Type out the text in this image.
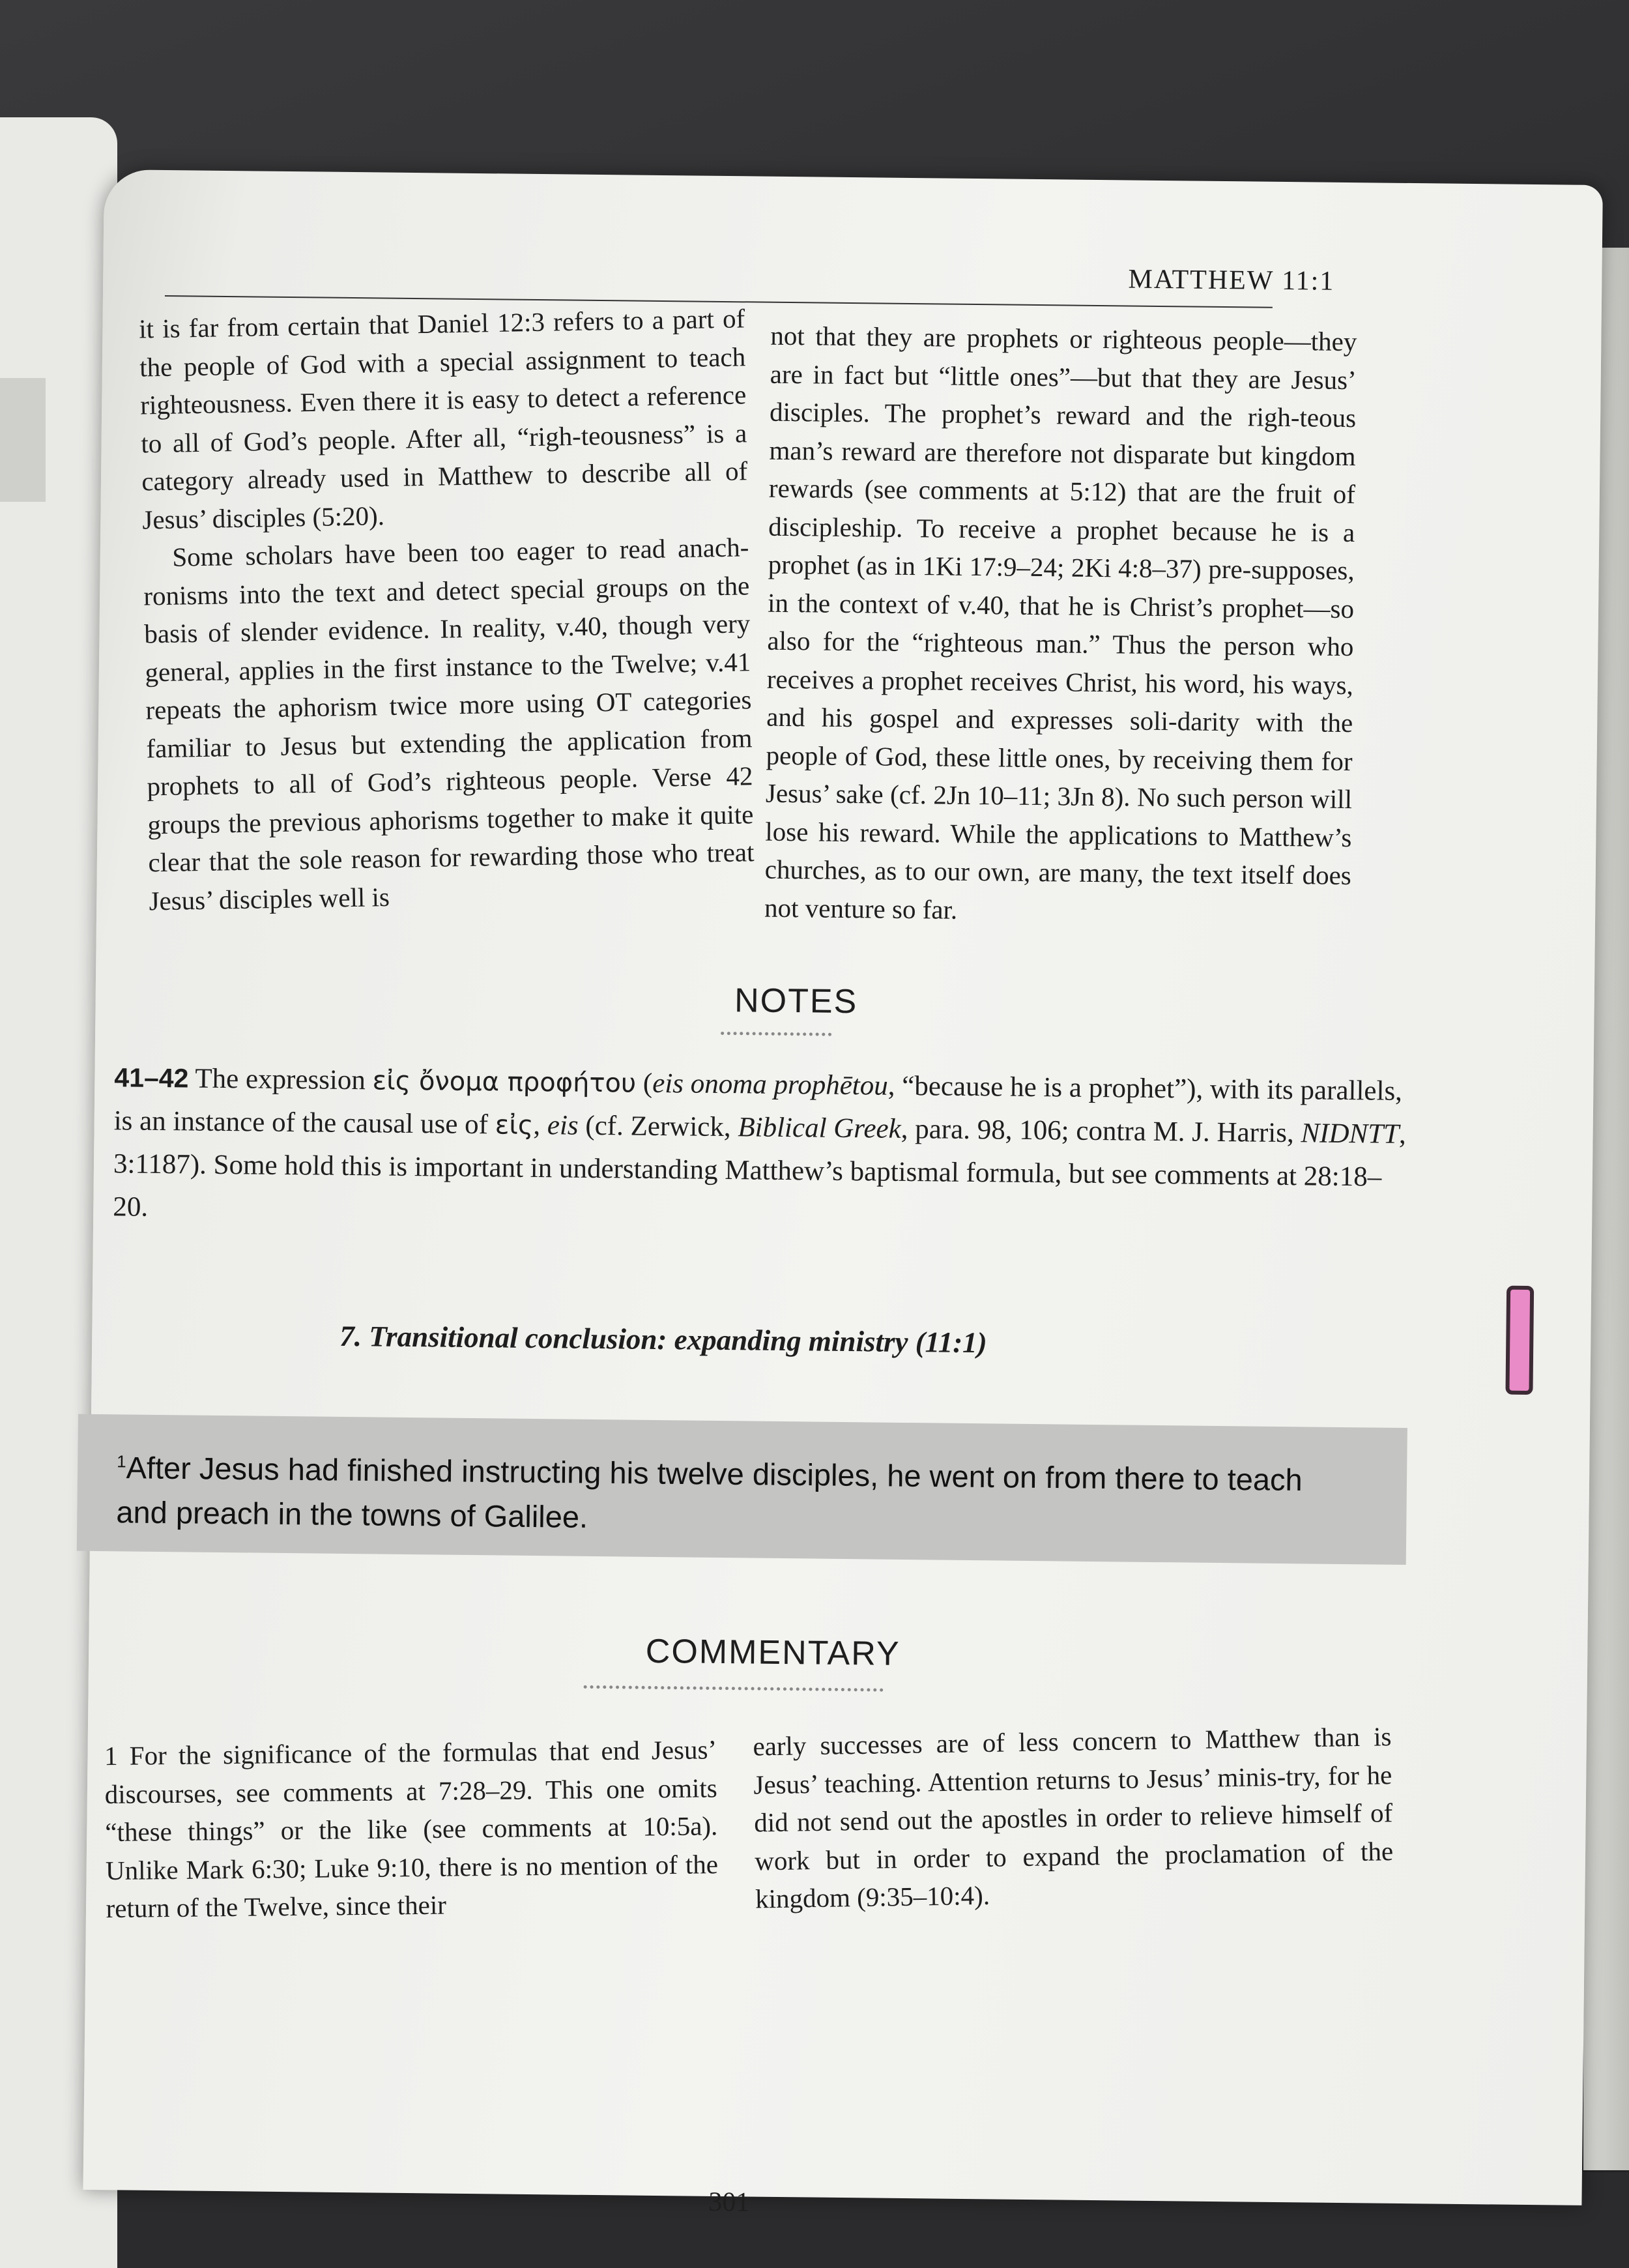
MATTHEW 11:1

it is far from certain that Daniel 12:3 refers to a part of the people of God with a special assignment to teach righteousness. Even there it is easy to detect a reference to all of God’s people. After all, “righ-teousness” is a category already used in Matthew to describe all of Jesus’ disciples (5:20).

Some scholars have been too eager to read anach-ronisms into the text and detect special groups on the basis of slender evidence. In reality, v.40, though very general, applies in the first instance to the Twelve; v.41 repeats the aphorism twice more using OT categories familiar to Jesus but extending the application from prophets to all of God’s righteous people. Verse 42 groups the previous aphorisms together to make it quite clear that the sole reason for rewarding those who treat Jesus’ disciples well is

not that they are prophets or righteous people—they are in fact but “little ones”—but that they are Jesus’ disciples. The prophet’s reward and the righ-teous man’s reward are therefore not disparate but kingdom rewards (see comments at 5:12) that are the fruit of discipleship. To receive a prophet because he is a prophet (as in 1Ki 17:9–24; 2Ki 4:8–37) pre-supposes, in the context of v.40, that he is Christ’s prophet—so also for the “righteous man.” Thus the person who receives a prophet receives Christ, his word, his ways, and his gospel and expresses soli-darity with the people of God, these little ones, by receiving them for Jesus’ sake (cf. 2Jn 10–11; 3Jn 8). No such person will lose his reward. While the applications to Matthew’s churches, as to our own, are many, the text itself does not venture so far.

NOTES
41–42 The expression εἰς ὄνομα προφήτου (eis onoma prophētou, “because he is a prophet”), with its parallels, is an instance of the causal use of εἰς, eis (cf. Zerwick, Biblical Greek, para. 98, 106; contra M. J. Harris, NIDNTT, 3:1187). Some hold this is important in understanding Matthew’s baptismal formula, but see comments at 28:18–20.
7. Transitional conclusion: expanding ministry (11:1)
$^1$After Jesus had finished instructing his twelve disciples, he went on from there to teach and preach in the towns of Galilee.
COMMENTARY

1 For the significance of the formulas that end Jesus’ discourses, see comments at 7:28–29. This one omits “these things” or the like (see comments at 10:5a). Unlike Mark 6:30; Luke 9:10, there is no mention of the return of the Twelve, since their

early successes are of less concern to Matthew than is Jesus’ teaching. Attention returns to Jesus’ minis-try, for he did not send out the apostles in order to relieve himself of work but in order to expand the proclamation of the kingdom (9:35–10:4).

301
